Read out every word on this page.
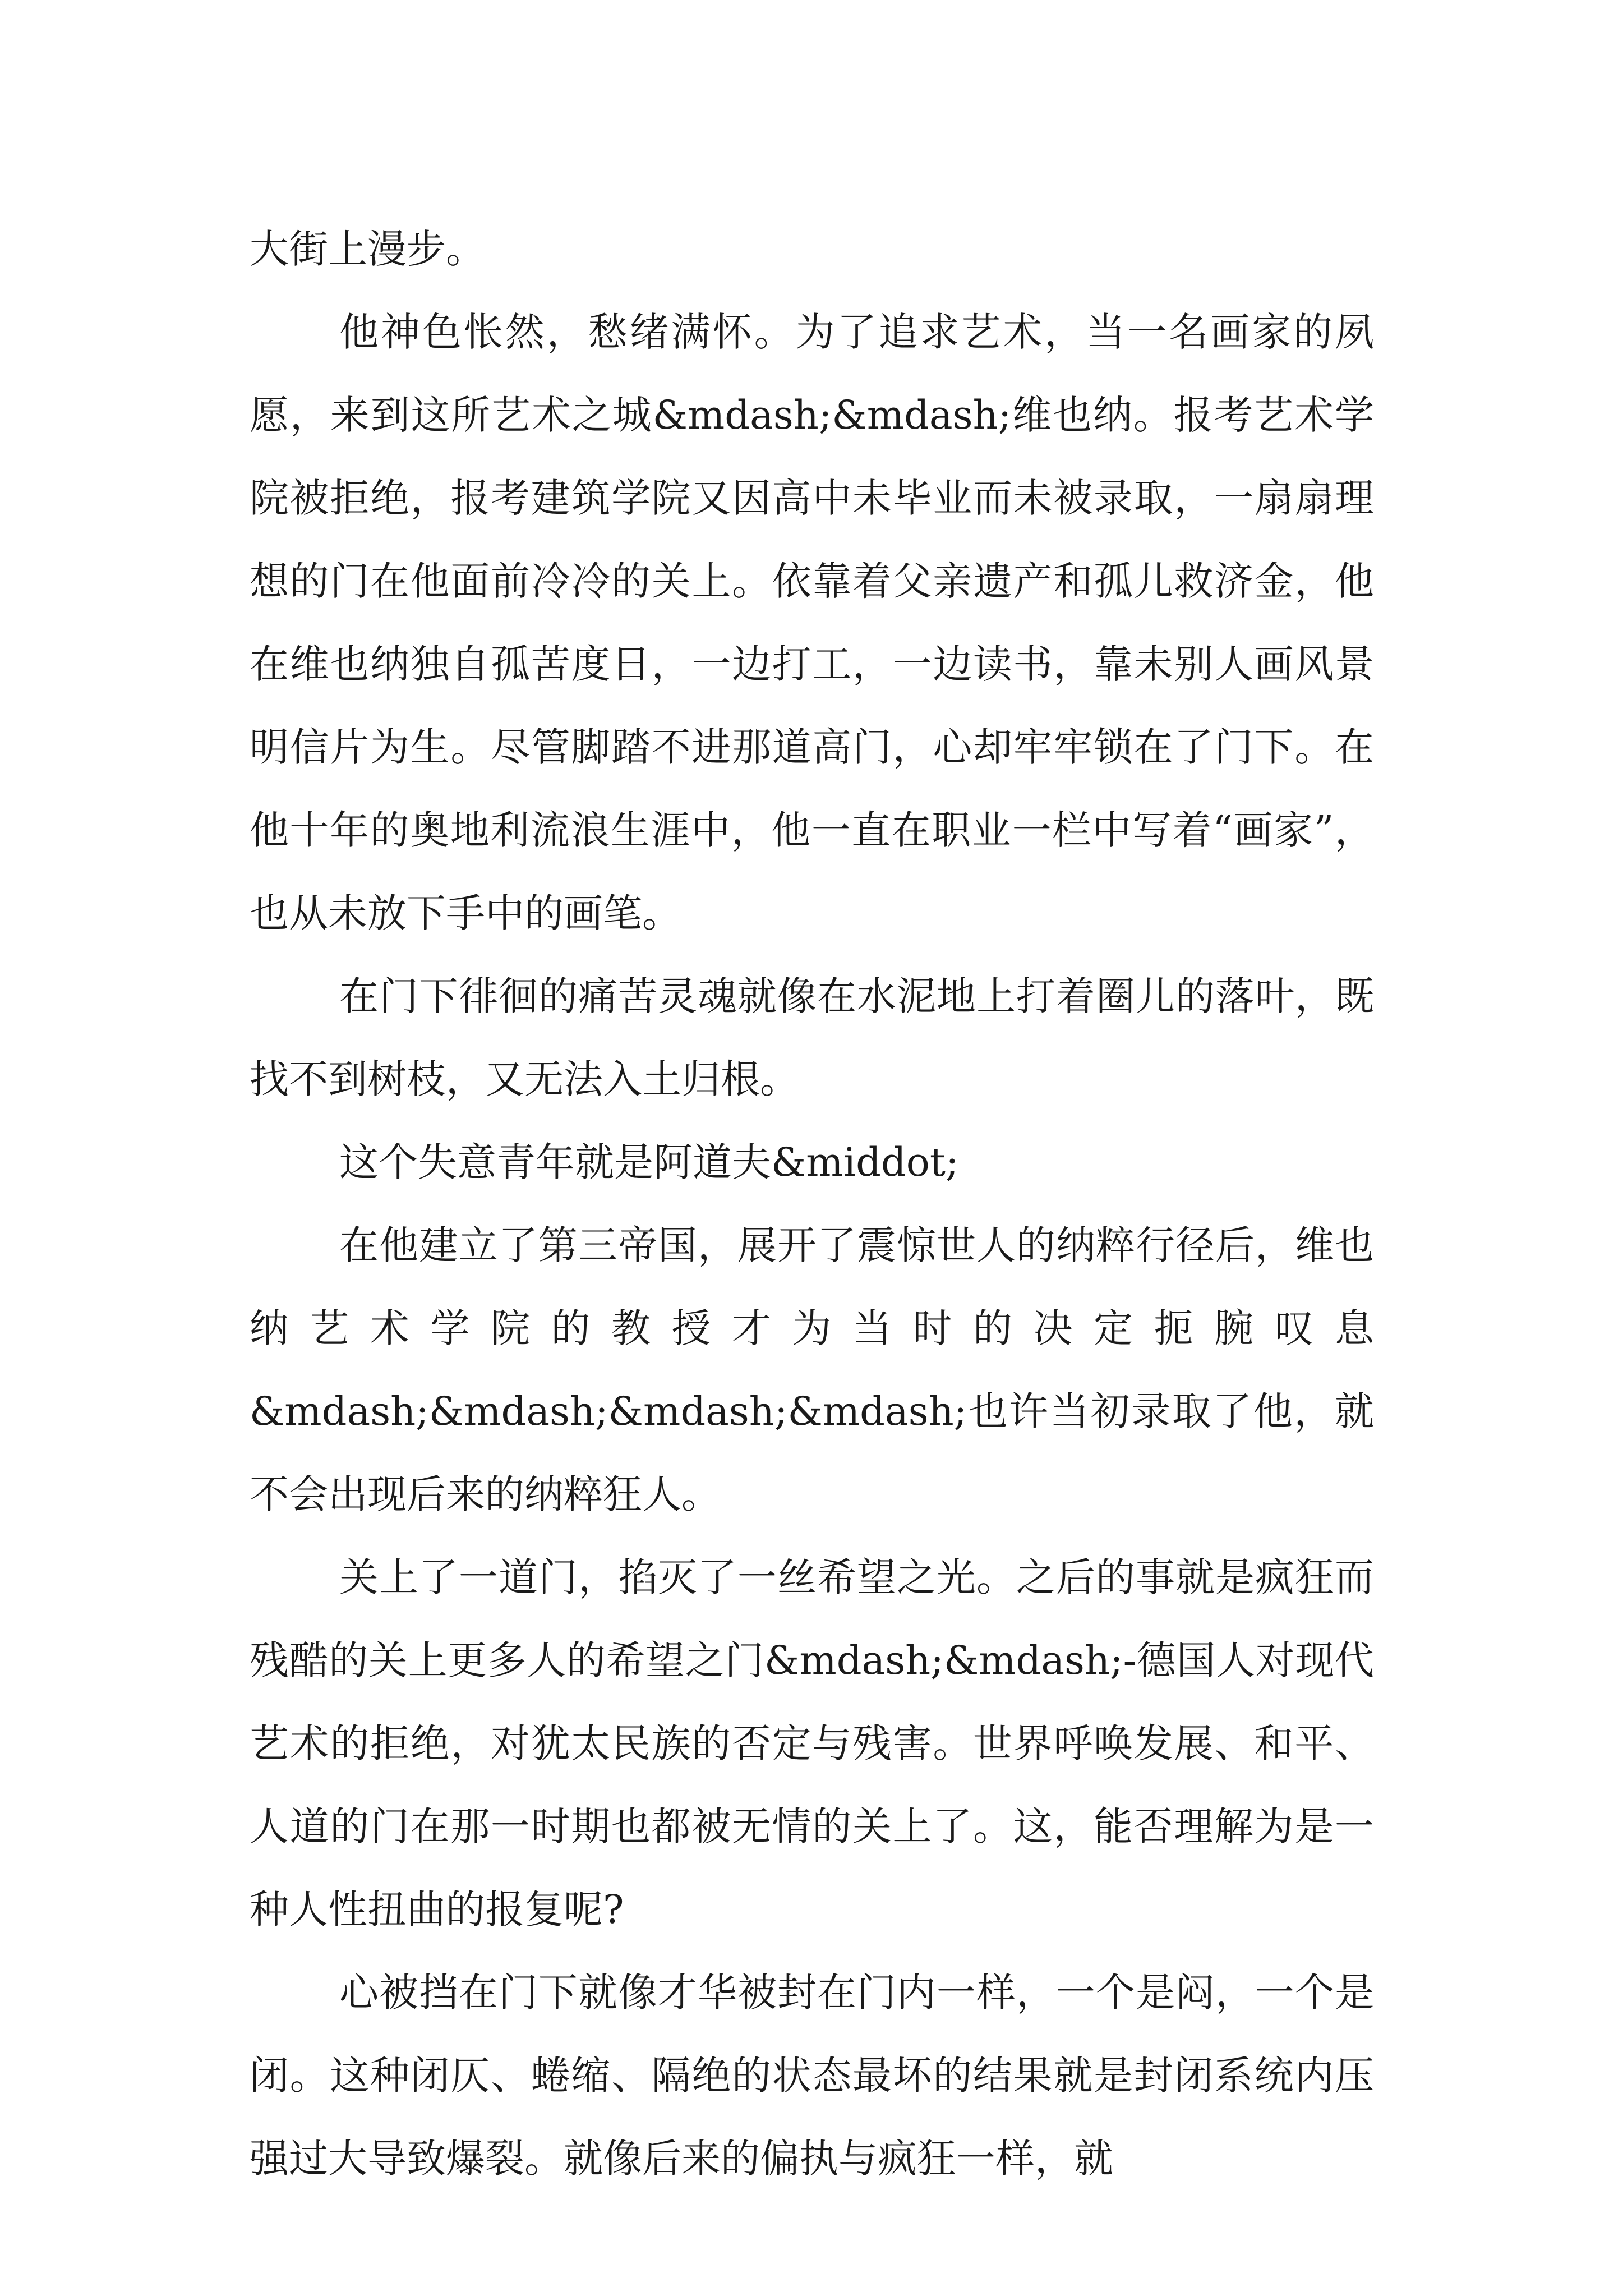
大街上漫步。

他神色怅然，愁绪满怀。为了追求艺术，当一名画家的夙愿，来到这所艺术之城&mdash;&mdash;维也纳。报考艺术学院被拒绝，报考建筑学院又因高中未毕业而未被录取，一扇扇理想的门在他面前冷冷的关上。依靠着父亲遗产和孤儿救济金，他在维也纳独自孤苦度日，一边打工，一边读书，靠未别人画风景明信片为生。尽管脚踏不进那道高门，心却牢牢锁在了门下。在他十年的奥地利流浪生涯中，他一直在职业一栏中写着“画家”，也从未放下手中的画笔。

在门下徘徊的痛苦灵魂就像在水泥地上打着圈儿的落叶，既找不到树枝，又无法入土归根。

这个失意青年就是阿道夫&middot;

在他建立了第三帝国，展开了震惊世人的纳粹行径后，维也纳艺术学院的教授才为当时的决定扼腕叹息&mdash;&mdash;&mdash;&mdash;也许当初录取了他，就不会出现后来的纳粹狂人。

关上了一道门，掐灭了一丝希望之光。之后的事就是疯狂而残酷的关上更多人的希望之门&mdash;&mdash;-德国人对现代艺术的拒绝，对犹太民族的否定与残害。世界呼唤发展、和平、人道的门在那一时期也都被无情的关上了。这，能否理解为是一种人性扭曲的报复呢?

心被挡在门下就像才华被封在门内一样，一个是闷，一个是闭。这种闭仄、蜷缩、隔绝的状态最坏的结果就是封闭系统内压强过大导致爆裂。就像后来的偏执与疯狂一样，就
